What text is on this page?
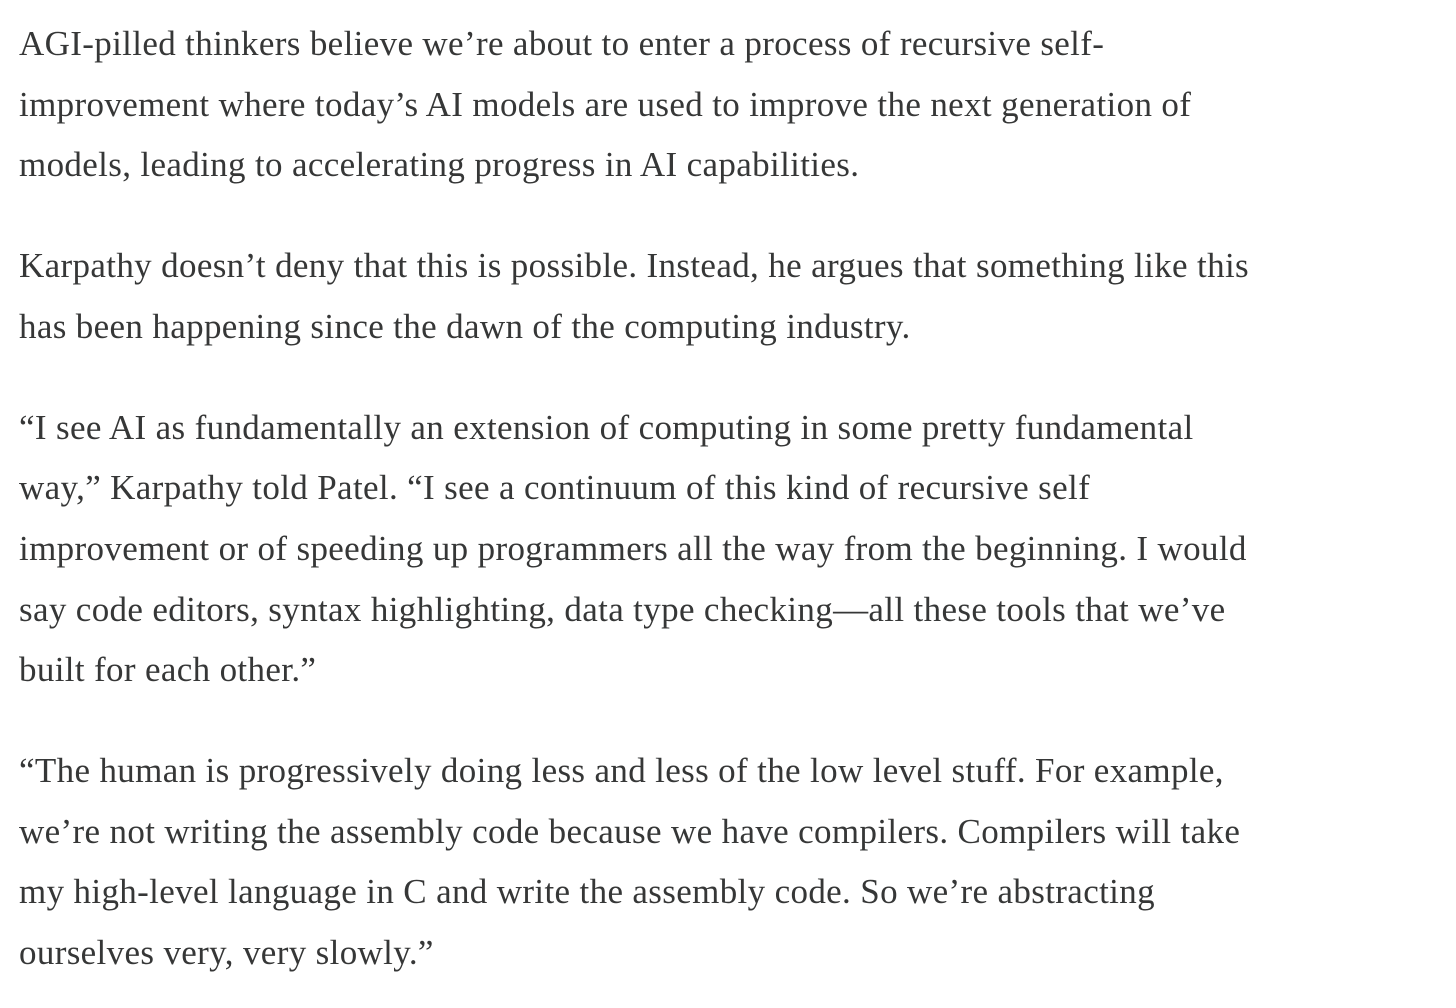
AGI-pilled thinkers believe we’re about to enter a process of recursive self-
improvement where today’s AI models are used to improve the next generation of
models, leading to accelerating progress in AI capabilities.
Karpathy doesn’t deny that this is possible. Instead, he argues that something like this
has been happening since the dawn of the computing industry.
“I see AI as fundamentally an extension of computing in some pretty fundamental
way,” Karpathy told Patel. “I see a continuum of this kind of recursive self
improvement or of speeding up programmers all the way from the beginning. I would
say code editors, syntax highlighting, data type checking—all these tools that we’ve
built for each other.”
“The human is progressively doing less and less of the low level stuff. For example,
we’re not writing the assembly code because we have compilers. Compilers will take
my high-level language in C and write the assembly code. So we’re abstracting
ourselves very, very slowly.”
